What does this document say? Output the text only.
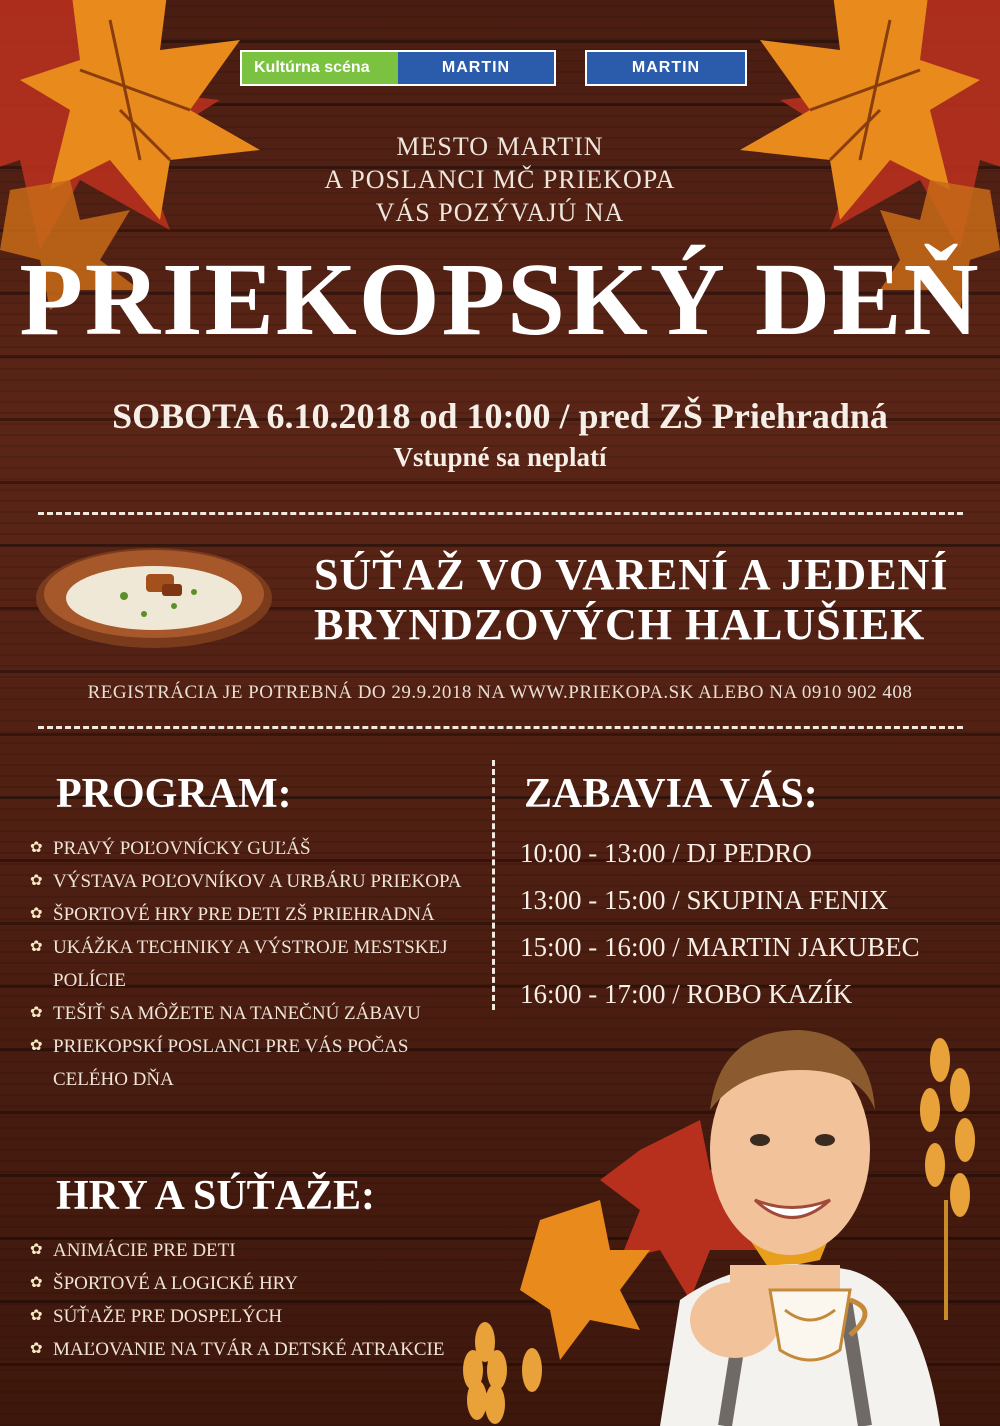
Kultúrna scéna	MARTIN	MARTIN
MESTO MARTIN
A POSLANCI MČ PRIEKOPA
VÁS POZÝVAJÚ NA
PRIEKOPSKÝ DEŇ
SOBOTA 6.10.2018 od 10:00 / pred ZŠ Priehradná
Vstupné sa neplatí
SÚŤAŽ VO VARENÍ A JEDENÍ
BRYNDZOVÝCH HALUŠIEK
REGISTRÁCIA JE POTREBNÁ DO 29.9.2018 NA WWW.PRIEKOPA.SK ALEBO NA 0910 902 408
PROGRAM:
✿ PRAVÝ POĽOVNÍCKY GUĽÁŠ
✿ VÝSTAVA POĽOVNÍKOV A URBÁRU PRIEKOPA
✿ ŠPORTOVÉ HRY PRE DETI ZŠ PRIEHRADNÁ
✿ UKÁŽKA TECHNIKY A VÝSTROJE MESTSKEJ POLÍCIE
✿ TEŠIŤ SA MÔŽETE NA TANEČNÚ ZÁBAVU
✿ PRIEKOPSKÍ POSLANCI PRE VÁS POČAS CELÉHO DŇA
HRY A SÚŤAŽE:
✿ ANIMÁCIE PRE DETI
✿ ŠPORTOVÉ A LOGICKÉ HRY
✿ SÚŤAŽE PRE DOSPELÝCH
✿ MAĽOVANIE NA TVÁR A DETSKÉ ATRAKCIE
ZABAVIA VÁS:
10:00 - 13:00 / DJ PEDRO
13:00 - 15:00 / SKUPINA FENIX
15:00 - 16:00 / MARTIN JAKUBEC
16:00 - 17:00 / ROBO KAZÍK
